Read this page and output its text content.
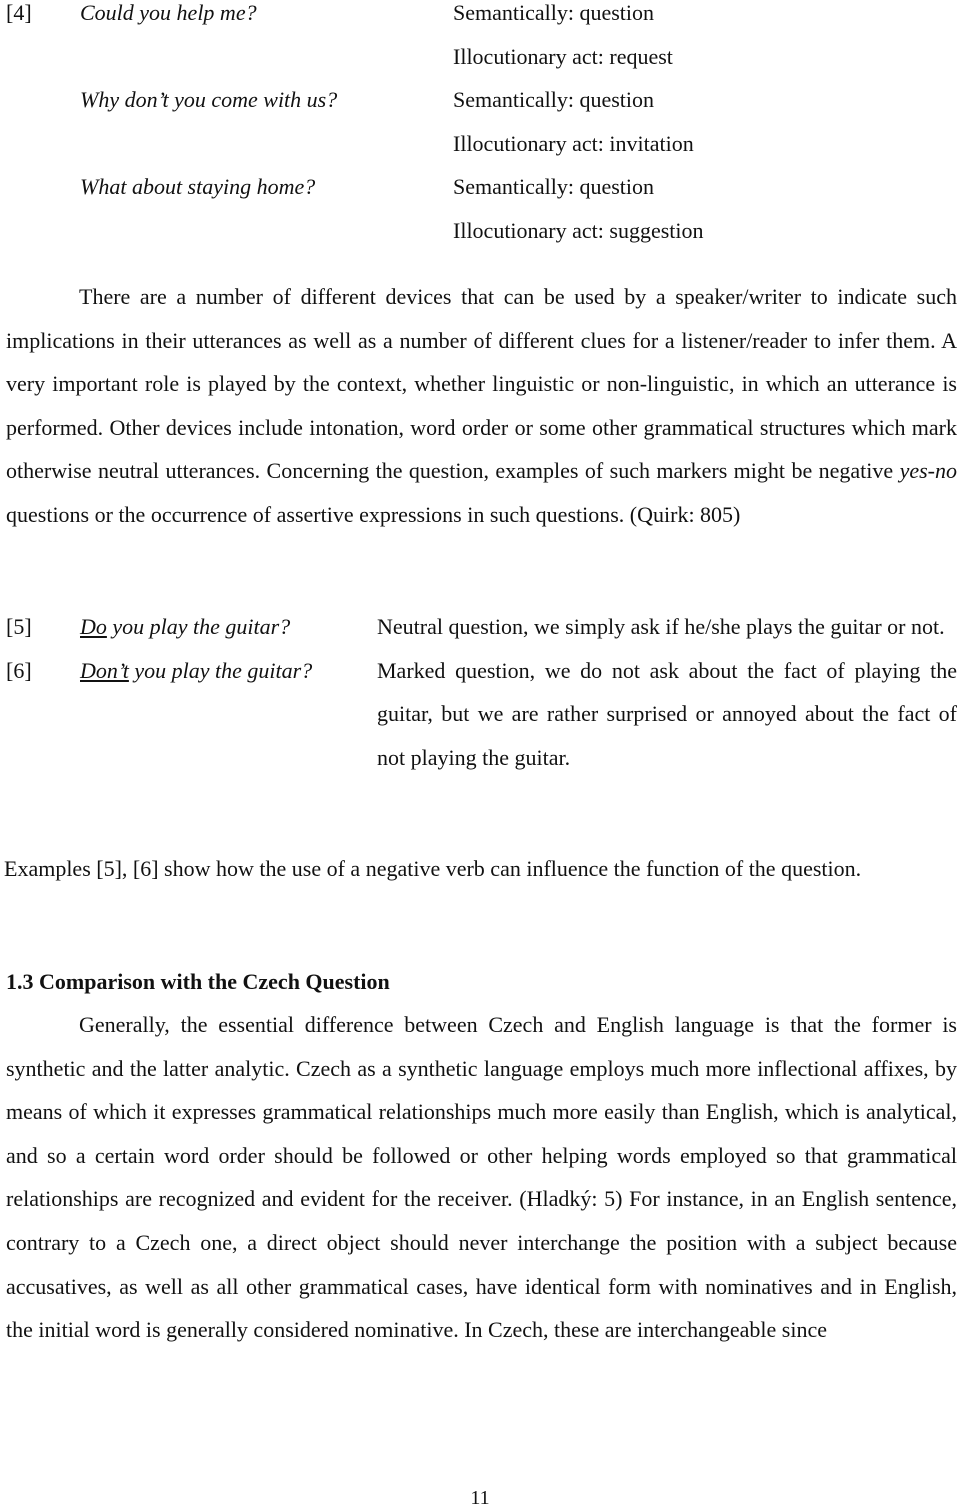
[4]	Could you help me?	Semantically: question
		Illocutionary act: request
	Why don’t you come with us?	Semantically: question
		Illocutionary act: invitation
	What about staying home?	Semantically: question
		Illocutionary act: suggestion

There are a number of different devices that can be used by a speaker/writer to indicate such implications in their utterances as well as a number of different clues for a listener/reader to infer them. A very important role is played by the context, whether linguistic or non-linguistic, in which an utterance is performed. Other devices include intonation, word order or some other grammatical structures which mark otherwise neutral utterances. Concerning the question, examples of such markers might be negative yes-no questions or the occurrence of assertive expressions in such questions. (Quirk: 805)

[5]	Do you play the guitar?	Neutral question, we simply ask if he/she plays the guitar or not.
[6]	Don’t you play the guitar?	Marked question, we do not ask about the fact of playing the guitar, but we are rather surprised or annoyed about the fact of not playing the guitar.

Examples [5], [6] show how the use of a negative verb can influence the function of the question.

1.3 Comparison with the Czech Question

Generally, the essential difference between Czech and English language is that the former is synthetic and the latter analytic. Czech as a synthetic language employs much more inflectional affixes, by means of which it expresses grammatical relationships much more easily than English, which is analytical, and so a certain word order should be followed or other helping words employed so that grammatical relationships are recognized and evident for the receiver. (Hladký: 5) For instance, in an English sentence, contrary to a Czech one, a direct object should never interchange the position with a subject because accusatives, as well as all other grammatical cases, have identical form with nominatives and in English, the initial word is generally considered nominative. In Czech, these are interchangeable since

11
